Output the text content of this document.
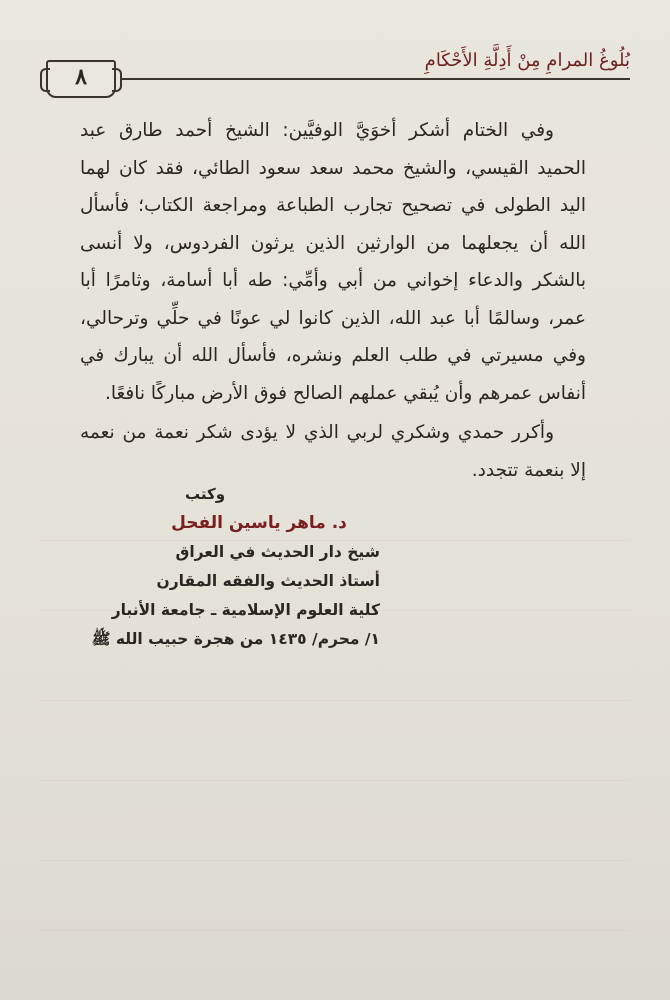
بُلُوغُ المرامِ مِنْ أَدِلَّةِ الأَحْكَامِ
٨

وفي الختام أشكر أخوَيَّ الوفيَّين: الشيخ أحمد طارق عبد الحميد القيسي، والشيخ محمد سعد سعود الطائي، فقد كان لهما اليد الطولى في تصحيح تجارب الطباعة ومراجعة الكتاب؛ فأسأل الله أن يجعلهما من الوارثين الذين يرثون الفردوس، ولا أنسى بالشكر والدعاء إخواني من أبي وأمِّي: طه أبا أسامة، وثامرًا أبا عمر، وسالمًا أبا عبد الله، الذين كانوا لي عونًا في حلِّي وترحالي، وفي مسيرتي في طلب العلم ونشره، فأسأل الله أن يبارك في أنفاس عمرهم وأن يُبقي عملهم الصالح فوق الأرض مباركًا نافعًا.

وأكرر حمدي وشكري لربي الذي لا يؤدى شكر نعمة من نعمه إلا بنعمة تتجدد.

وكتب
د. ماهر ياسين الفحل
شيخ دار الحديث في العراق
أستاذ الحديث والفقه المقارن
كلية العلوم الإسلامية ـ جامعة الأنبار
١/ محرم/ ١٤٣٥ من هجرة حبيب الله ﷺ
